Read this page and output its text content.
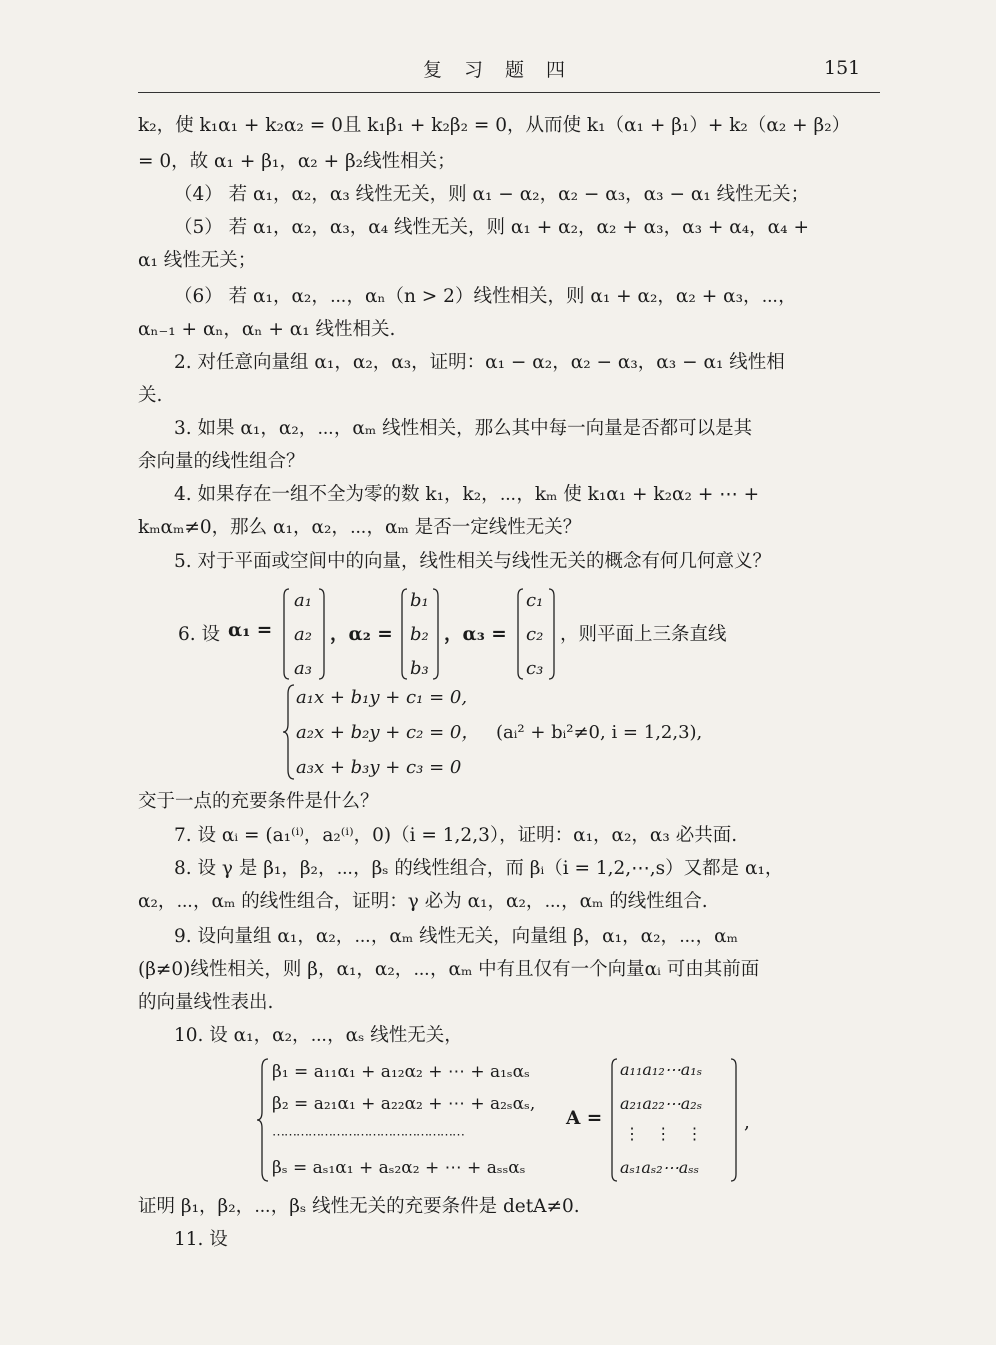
复 习 题 四	151
k₂，使 k₁α₁ + k₂α₂ = 0且 k₁β₁ + k₂β₂ = 0，从而使 k₁（α₁ + β₁）+ k₂（α₂ + β₂）
= 0，故 α₁ + β₁，α₂ + β₂线性相关；
（4） 若 α₁，α₂，α₃ 线性无关，则 α₁ − α₂，α₂ − α₃，α₃ − α₁ 线性无关；
（5） 若 α₁，α₂，α₃，α₄ 线性无关，则 α₁ + α₂，α₂ + α₃，α₃ + α₄，α₄ +
α₁ 线性无关；
（6） 若 α₁，α₂，⋯，αₙ（n > 2）线性相关，则 α₁ + α₂，α₂ + α₃，⋯，
αₙ₋₁ + αₙ，αₙ + α₁ 线性相关.
2. 对任意向量组 α₁，α₂，α₃，证明：α₁ − α₂，α₂ − α₃，α₃ − α₁ 线性相
关.
3. 如果 α₁，α₂，⋯，αₘ 线性相关，那么其中每一向量是否都可以是其
余向量的线性组合？
4. 如果存在一组不全为零的数 k₁，k₂，⋯，kₘ 使 k₁α₁ + k₂α₂ + ⋯ +
kₘαₘ≠0，那么 α₁，α₂，⋯，αₘ 是否一定线性无关？
5. 对于平面或空间中的向量，线性相关与线性无关的概念有何几何意义？
6. 设 α₁ =
a₁
a₂
a₃
，α₂ =
b₁
b₂
b₃
，α₃ =
c₁
c₂
c₃
，则平面上三条直线
a₁x + b₁y + c₁ = 0,
a₂x + b₂y + c₂ = 0，
a₃x + b₃y + c₃ = 0
(aᵢ² + bᵢ²≠0, i = 1,2,3),
交于一点的充要条件是什么？
7. 设 αᵢ = (a₁⁽ⁱ⁾，a₂⁽ⁱ⁾，0)（i = 1,2,3），证明：α₁，α₂，α₃ 必共面.
8. 设 γ 是 β₁，β₂，⋯，βₛ 的线性组合，而 βᵢ（i = 1,2,⋯,s）又都是 α₁，
α₂，⋯，αₘ 的线性组合，证明：γ 必为 α₁，α₂，⋯，αₘ 的线性组合.
9. 设向量组 α₁，α₂，⋯，αₘ 线性无关，向量组 β，α₁，α₂，⋯，αₘ
(β≠0)线性相关，则 β，α₁，α₂，⋯，αₘ 中有且仅有一个向量αᵢ 可由其前面
的向量线性表出.
10. 设 α₁，α₂，⋯，αₛ 线性无关，
β₁ = a₁₁α₁ + a₁₂α₂ + ⋯ + a₁ₛαₛ
β₂ = a₂₁α₁ + a₂₂α₂ + ⋯ + a₂ₛαₛ,
⋯⋯⋯⋯⋯⋯⋯⋯⋯⋯⋯⋯⋯⋯⋯⋯
βₛ = aₛ₁α₁ + aₛ₂α₂ + ⋯ + aₛₛαₛ
A =
a₁₁a₁₂⋯a₁ₛ
a₂₁a₂₂⋯a₂ₛ
⋮   ⋮   ⋮
aₛ₁aₛ₂⋯aₛₛ
,
证明 β₁，β₂，⋯，βₛ 线性无关的充要条件是 detA≠0.
11. 设
